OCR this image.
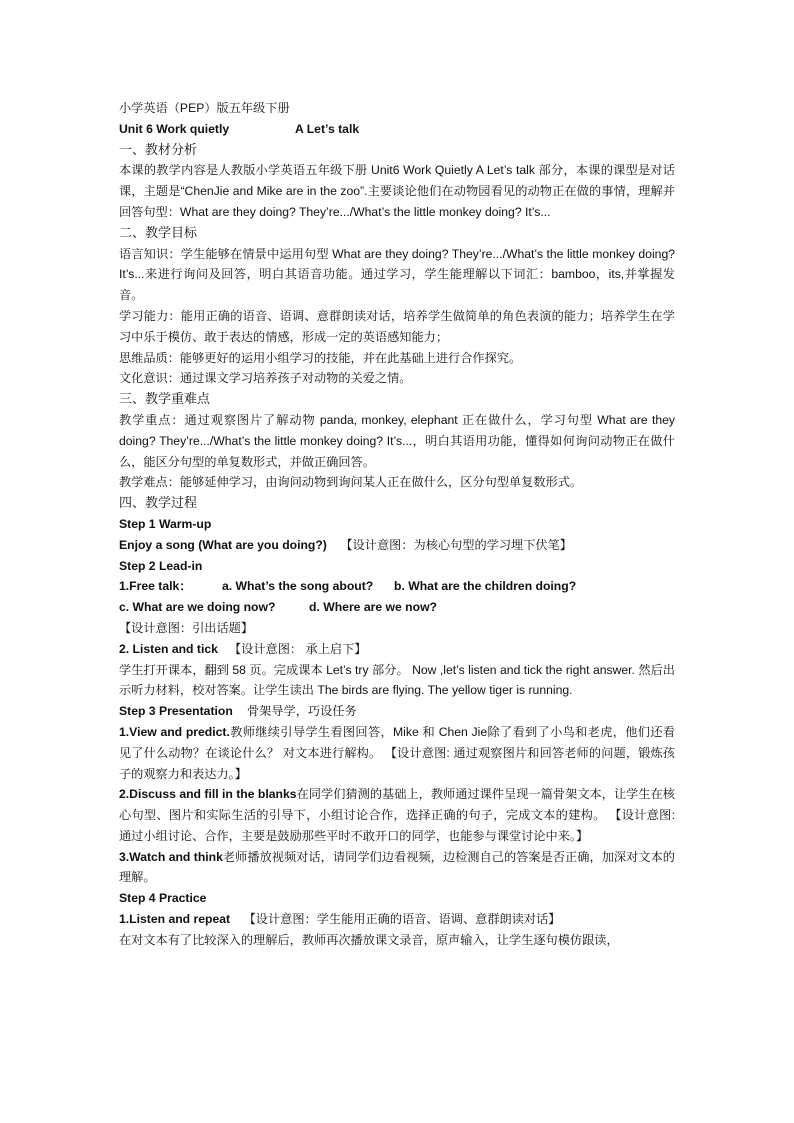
小学英语（PEP）版五年级下册
Unit 6 Work quietly	A Let’s talk
一、教材分析

本课的教学内容是人教版小学英语五年级下册 Unit6 Work Quietly A Let’s talk 部分，本课的课型是对话课，主题是“ChenJie and Mike are in the zoo”.主要谈论他们在动物园看见的动物正在做的事情，理解并回答句型：What are they doing? They’re.../What’s the little monkey doing? It’s...

二、教学目标

语言知识：学生能够在情景中运用句型 What are they doing? They’re.../What’s the little monkey doing? It’s...来进行询问及回答，明白其语音功能。通过学习，学生能理解以下词汇：bamboo，its,并掌握发音。

学习能力：能用正确的语音、语调、意群朗读对话，培养学生做简单的角色表演的能力；培养学生在学习中乐于模仿、敢于表达的情感，形成一定的英语感知能力；

思维品质：能够更好的运用小组学习的技能，并在此基础上进行合作探究。
文化意识：通过课文学习培养孩子对动物的关爱之情。
三、教学重难点

教学重点：通过观察图片了解动物 panda, monkey, elephant 正在做什么，学习句型 What are they doing? They’re.../What’s the little monkey doing? It’s...，明白其语用功能，懂得如何询问动物正在做什么，能区分句型的单复数形式，并做正确回答。

教学难点：能够延伸学习，由询问动物到询问某人正在做什么，区分句型单复数形式。
四、教学过程
Step 1 Warm-up
Enjoy a song (What are you doing?) 【设计意图：为核心句型的学习埋下伏笔】
Step 2 Lead-in
1.Free talk：	a. What’s the song about? b. What are the children doing?
c. What are we doing now?	d. Where are we now?
【设计意图：引出话题】
2. Listen and tick 【设计意图： 承上启下】

学生打开课本，翻到 58 页。完成课本 Let’s try 部分。 Now ,let’s listen and tick the right answer. 然后出示听力材料，校对答案。让学生读出 The birds are flying. The yellow tiger is running.

Step 3 Presentation 骨架导学，巧设任务

1.View and predict.教师继续引导学生看图回答，Mike 和 Chen Jie除了看到了小鸟和老虎，他们还看见了什么动物？在谈论什么？ 对文本进行解构。 【设计意图: 通过观察图片和回答老师的问题，锻炼孩子的观察力和表达力。】

2.Discuss and fill in the blanks在同学们猜测的基础上，教师通过课件呈现一篇骨架文本，让学生在核心句型、图片和实际生活的引导下，小组讨论合作，选择正确的句子，完成文本的建构。 【设计意图: 通过小组讨论、合作，主要是鼓励那些平时不敢开口的同学，也能参与课堂讨论中来。】

3.Watch and think老师播放视频对话，请同学们边看视频，边检测自己的答案是否正确，加深对文本的理解。

Step 4 Practice
1.Listen and repeat 【设计意图：学生能用正确的语音、语调、意群朗读对话】
在对文本有了比较深入的理解后，教师再次播放课文录音，原声输入，让学生逐句模仿跟读，
